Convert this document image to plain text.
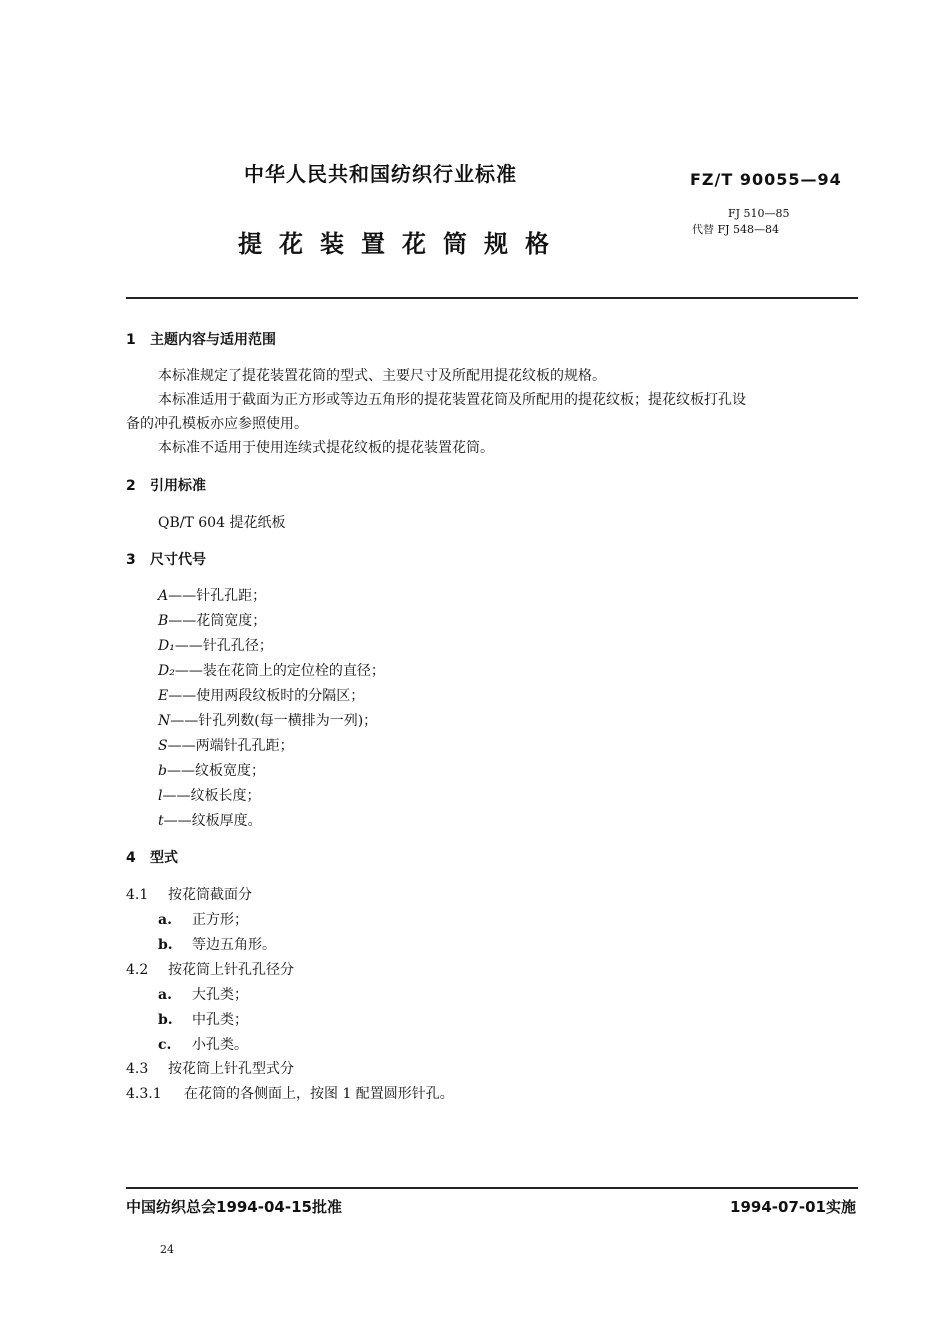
中华人民共和国纺织行业标准	FZ/T 90055—94
FJ 510—85
代替 FJ 548—84
提花装置花筒规格
1 主题内容与适用范围
本标准规定了提花装置花筒的型式、主要尺寸及所配用提花纹板的规格。
本标准适用于截面为正方形或等边五角形的提花装置花筒及所配用的提花纹板；提花纹板打孔设
备的冲孔模板亦应参照使用。
本标准不适用于使用连续式提花纹板的提花装置花筒。
2 引用标准
QB/T 604 提花纸板
3 尺寸代号
A——针孔孔距；
B——花筒宽度；
D₁——针孔孔径；
D₂——装在花筒上的定位栓的直径；
E——使用两段纹板时的分隔区；
N——针孔列数(每一横排为一列)；
S——两端针孔孔距；
b——纹板宽度；
l——纹板长度；
t——纹板厚度。
4 型式
4.1 按花筒截面分
a. 正方形；
b. 等边五角形。
4.2 按花筒上针孔孔径分
a. 大孔类；
b. 中孔类；
c. 小孔类。
4.3 按花筒上针孔型式分
4.3.1 在花筒的各侧面上，按图 1 配置圆形针孔。
中国纺织总会1994-04-15批准	1994-07-01实施
24
